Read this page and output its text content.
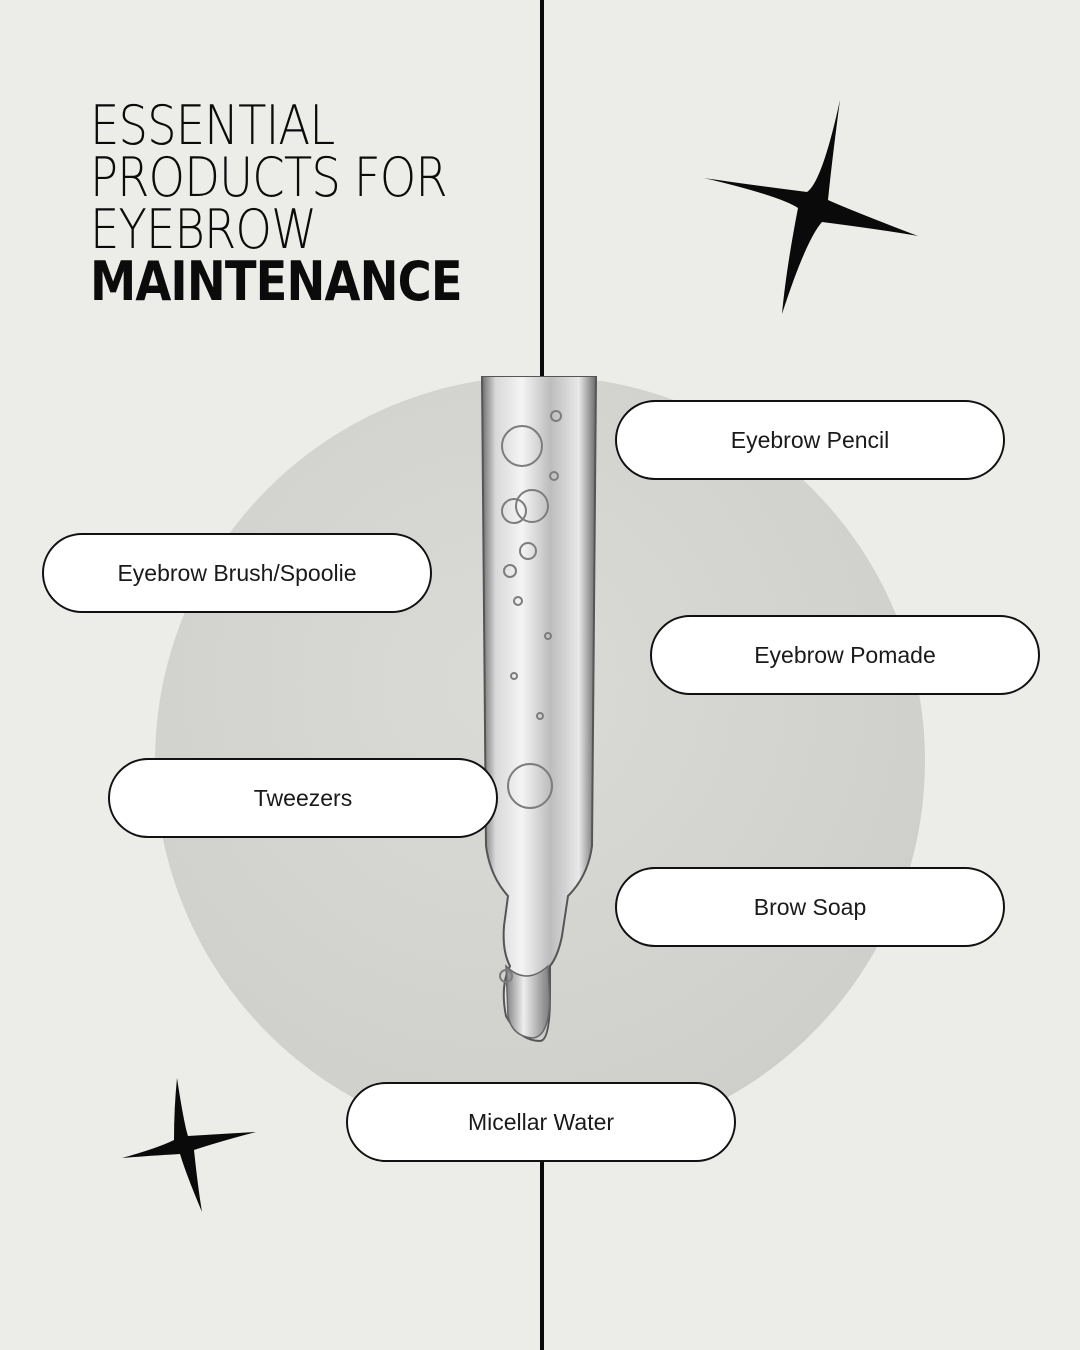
ESSENTIAL
PRODUCTS FOR
EYEBROW
MAINTENANCE
Eyebrow Pencil
Eyebrow Brush/Spoolie
Eyebrow Pomade
Tweezers
Brow Soap
Micellar Water
